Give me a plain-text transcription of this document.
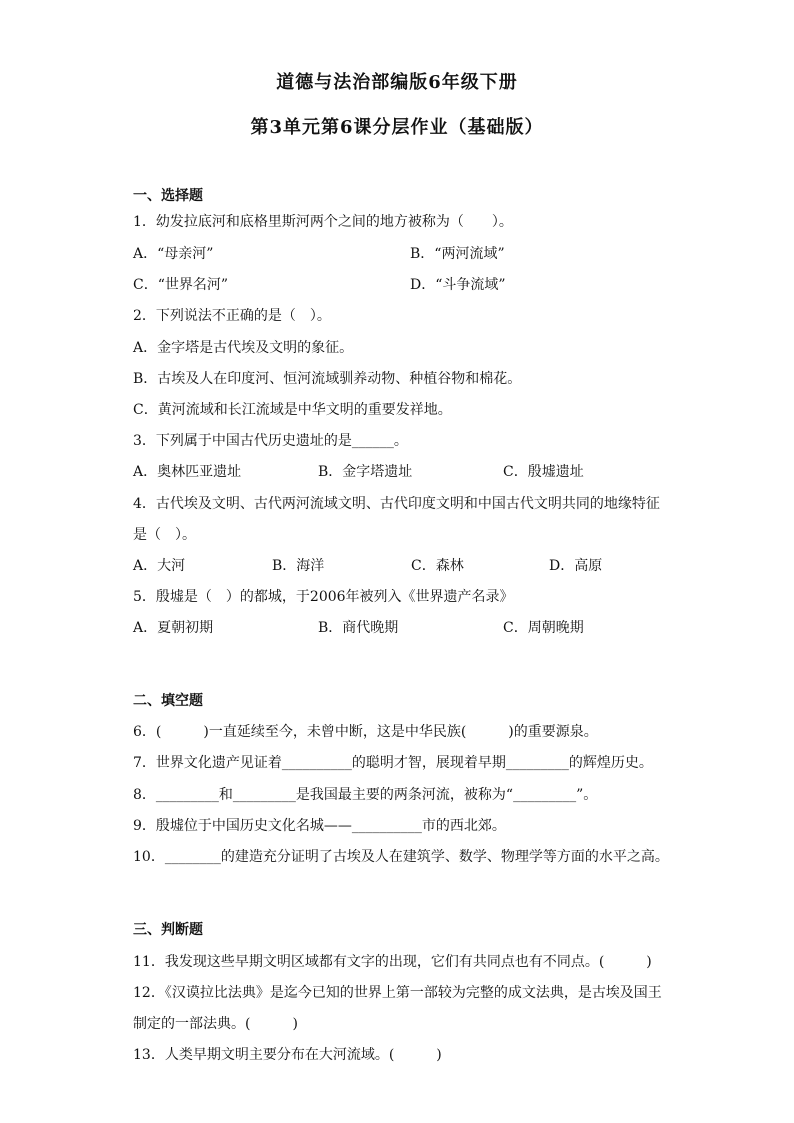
道德与法治部编版6年级下册
第3单元第6课分层作业（基础版）
一、选择题
1．幼发拉底河和底格里斯河两个之间的地方被称为（　　）。
A．“母亲河”	B．“两河流域”
C．“世界名河”	D．“斗争流域”
2．下列说法不正确的是（　）。
A．金字塔是古代埃及文明的象征。
B．古埃及人在印度河、恒河流域驯养动物、种植谷物和棉花。
C．黄河流域和长江流域是中华文明的重要发祥地。
3．下列属于中国古代历史遗址的是______。
A．奥林匹亚遗址	B．金字塔遗址	C．殷墟遗址
4．古代埃及文明、古代两河流域文明、古代印度文明和中国古代文明共同的地缘特征
是（　）。
A．大河	B．海洋	C．森林	D．高原
5．殷墟是（　）的都城，于2006年被列入《世界遗产名录》
A．夏朝初期	B．商代晚期	C．周朝晚期
二、填空题
6．(　　　)一直延续至今，未曾中断，这是中华民族(　　　)的重要源泉。
7．世界文化遗产见证着__________的聪明才智，展现着早期_________的辉煌历史。
8．_________和_________是我国最主要的两条河流，被称为“_________”。
9．殷墟位于中国历史文化名城——__________市的西北郊。
10．________的建造充分证明了古埃及人在建筑学、数学、物理学等方面的水平之高。
三、判断题
11．我发现这些早期文明区域都有文字的出现，它们有共同点也有不同点。(　　　)
12．《汉谟拉比法典》是迄今已知的世界上第一部较为完整的成文法典，是古埃及国王
制定的一部法典。(　　　)
13．人类早期文明主要分布在大河流域。(　　　)
